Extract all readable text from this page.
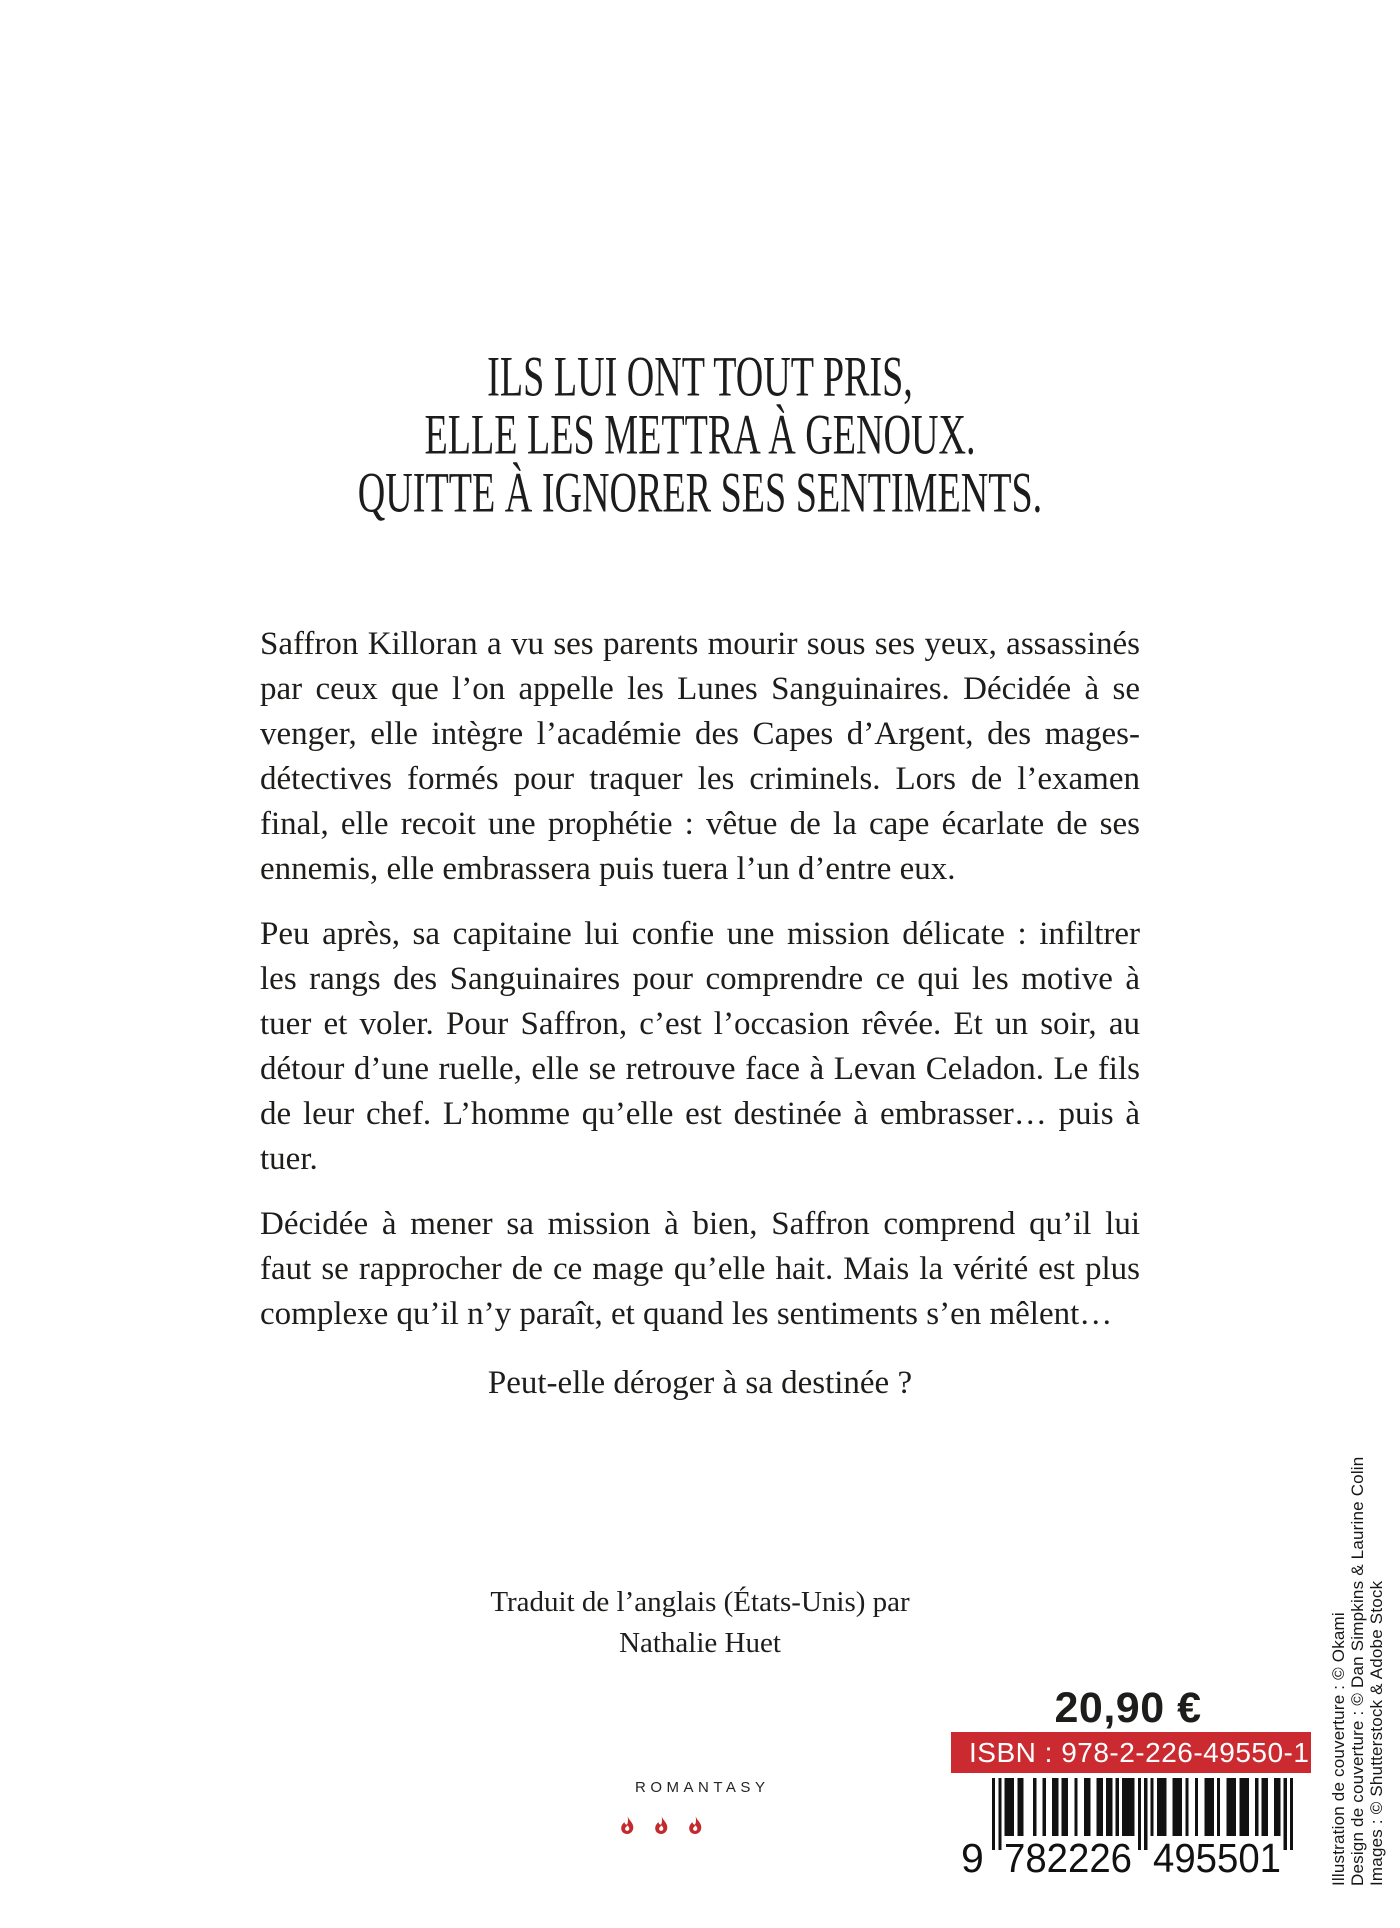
ILS LUI ONT TOUT PRIS,
ELLE LES METTRA À GENOUX.
QUITTE À IGNORER SES SENTIMENTS.

Saffron Killoran a vu ses parents mourir sous ses yeux, assassinés par ceux que l’on appelle les Lunes Sanguinaires. Décidée à se venger, elle intègre l’académie des Capes d’Argent, des mages-détectives formés pour traquer les criminels. Lors de l’examen final, elle recoit une prophétie : vêtue de la cape écarlate de ses ennemis, elle embrassera puis tuera l’un d’entre eux.

Peu après, sa capitaine lui confie une mission délicate : infiltrer les rangs des Sanguinaires pour comprendre ce qui les motive à tuer et voler. Pour Saffron, c’est l’occasion rêvée. Et un soir, au détour d’une ruelle, elle se retrouve face à Levan Celadon. Le fils de leur chef. L’homme qu’elle est destinée à embrasser… puis à tuer.

Décidée à mener sa mission à bien, Saffron comprend qu’il lui faut se rapprocher de ce mage qu’elle hait. Mais la vérité est plus complexe qu’il n’y paraît, et quand les sentiments s’en mêlent…

Peut-elle déroger à sa destinée ?

Traduit de l’anglais (États-Unis) par
Nathalie Huet
ROMANTASY
20,90 €
ISBN : 978-2-226-49550-1
9 782226 495501	Illustration de couverture : © Okami Design de couverture : © Dan Simpkins & Laurine Colin Images : © Shutterstock & Adobe Stock
